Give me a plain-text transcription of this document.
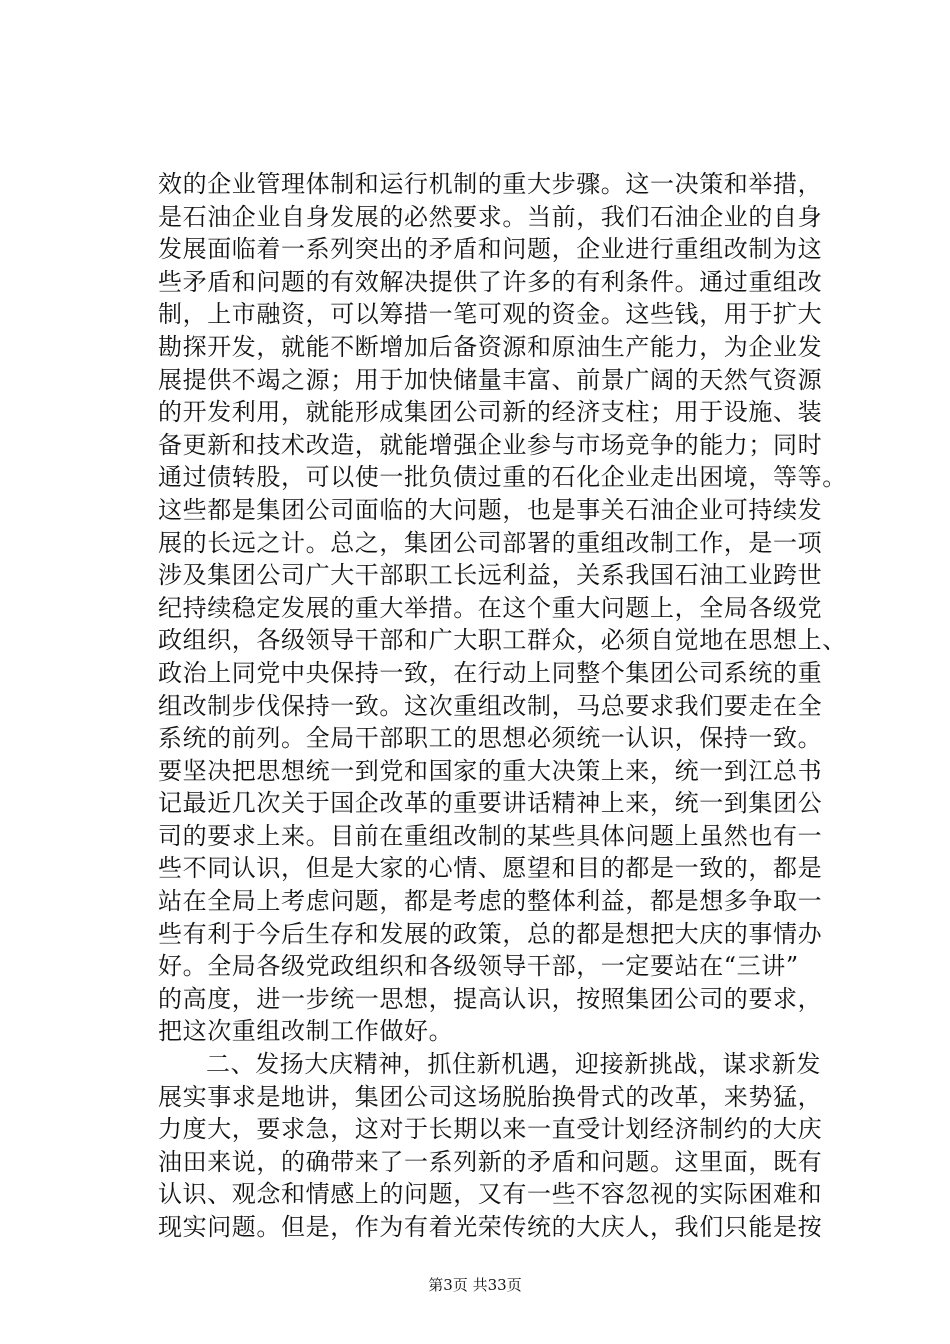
效的企业管理体制和运行机制的重大步骤。这一决策和举措，
是石油企业自身发展的必然要求。当前，我们石油企业的自身
发展面临着一系列突出的矛盾和问题，企业进行重组改制为这
些矛盾和问题的有效解决提供了许多的有利条件。通过重组改
制，上市融资，可以筹措一笔可观的资金。这些钱，用于扩大
勘探开发，就能不断增加后备资源和原油生产能力，为企业发
展提供不竭之源；用于加快储量丰富、前景广阔的天然气资源
的开发利用，就能形成集团公司新的经济支柱；用于设施、装
备更新和技术改造，就能增强企业参与市场竞争的能力；同时
通过债转股，可以使一批负债过重的石化企业走出困境，等等。
这些都是集团公司面临的大问题，也是事关石油企业可持续发
展的长远之计。总之，集团公司部署的重组改制工作，是一项
涉及集团公司广大干部职工长远利益，关系我国石油工业跨世
纪持续稳定发展的重大举措。在这个重大问题上，全局各级党
政组织，各级领导干部和广大职工群众，必须自觉地在思想上、
政治上同党中央保持一致，在行动上同整个集团公司系统的重
组改制步伐保持一致。这次重组改制，马总要求我们要走在全
系统的前列。全局干部职工的思想必须统一认识，保持一致。
要坚决把思想统一到党和国家的重大决策上来，统一到江总书
记最近几次关于国企改革的重要讲话精神上来，统一到集团公
司的要求上来。目前在重组改制的某些具体问题上虽然也有一
些不同认识，但是大家的心情、愿望和目的都是一致的，都是
站在全局上考虑问题，都是考虑的整体利益，都是想多争取一
些有利于今后生存和发展的政策，总的都是想把大庆的事情办
好。全局各级党政组织和各级领导干部，一定要站在“三讲”
的高度，进一步统一思想，提高认识，按照集团公司的要求，
把这次重组改制工作做好。
二、发扬大庆精神，抓住新机遇，迎接新挑战，谋求新发
展实事求是地讲，集团公司这场脱胎换骨式的改革，来势猛，
力度大，要求急，这对于长期以来一直受计划经济制约的大庆
油田来说，的确带来了一系列新的矛盾和问题。这里面，既有
认识、观念和情感上的问题，又有一些不容忽视的实际困难和
现实问题。但是，作为有着光荣传统的大庆人，我们只能是按
第3页 共33页
